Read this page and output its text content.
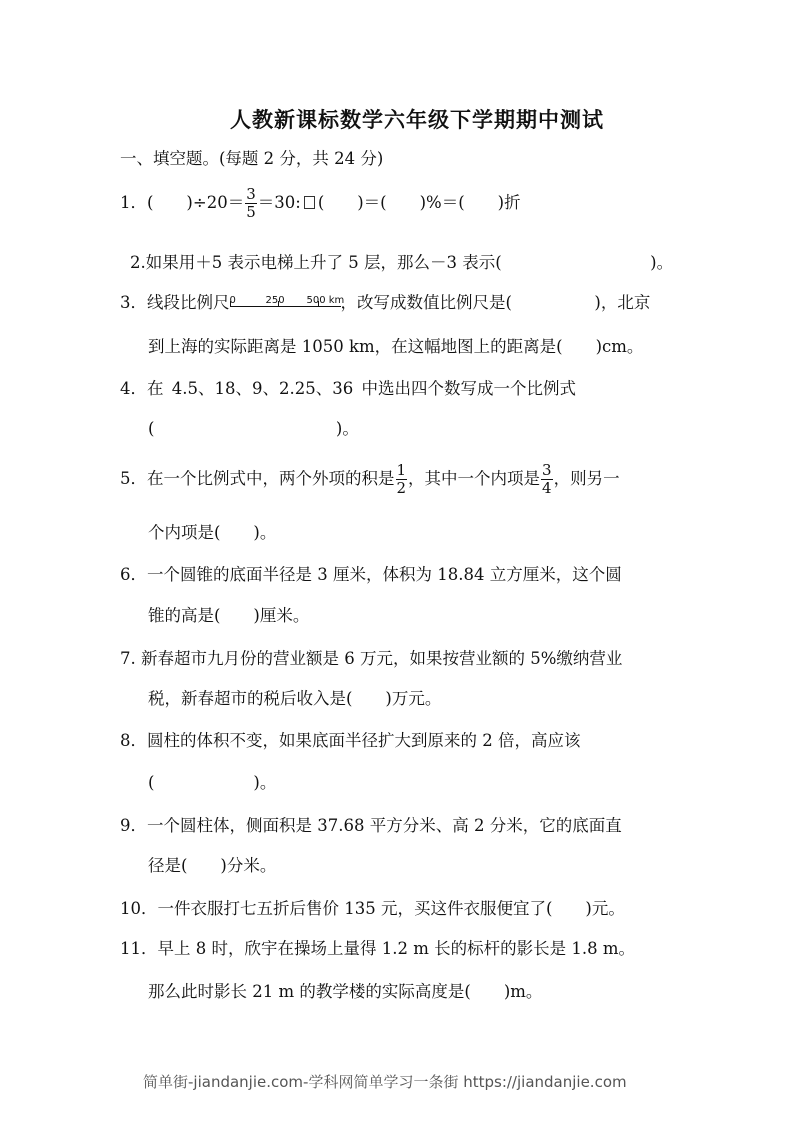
人教新课标数学六年级下学期期中测试
一、填空题。(每题 2 分，共 24 分)
1．(　　)$\div 20= \frac{3}{5} =30$: (　　)＝(　　)%＝(　　)折
2.如果用＋5 表示电梯上升了 5 层，那么－3 表示(　　　　　　　　　)。
3．线段比例尺 0	250 500 km
，改写成数值比例尺是(　　　　　)，北京
到上海的实际距离是 1050 km，在这幅地图上的距离是(　　)cm。
4．在 4.5、18、9、2.25、36 中选出四个数写成一个比例式
(　　　　　　　　　　　)。
5．在一个比例式中，两个外项的积是 $\frac{1}{2}$ ，其中一个内项是 $\frac{3}{4}$ ，则另一
个内项是(　　)。
6．一个圆锥的底面半径是 3 厘米，体积为 18.84 立方厘米，这个圆
锥的高是(　　)厘米。
7. 新春超市九月份的营业额是 6 万元，如果按营业额的 5%缴纳营业
税，新春超市的税后收入是(　　)万元。
8．圆柱的体积不变，如果底面半径扩大到原来的 2 倍，高应该
(　　　　　　)。
9．一个圆柱体，侧面积是 37.68 平方分米、高 2 分米，它的底面直
径是(　　)分米。
10．一件衣服打七五折后售价 135 元，买这件衣服便宜了(　　)元。
11．早上 8 时，欣宇在操场上量得 1.2 m 长的标杆的影长是 1.8 m。
那么此时影长 21 m 的教学楼的实际高度是(　　)m。
简单街-jiandanjie.com-学科网简单学习一条街 https://jiandanjie.com
